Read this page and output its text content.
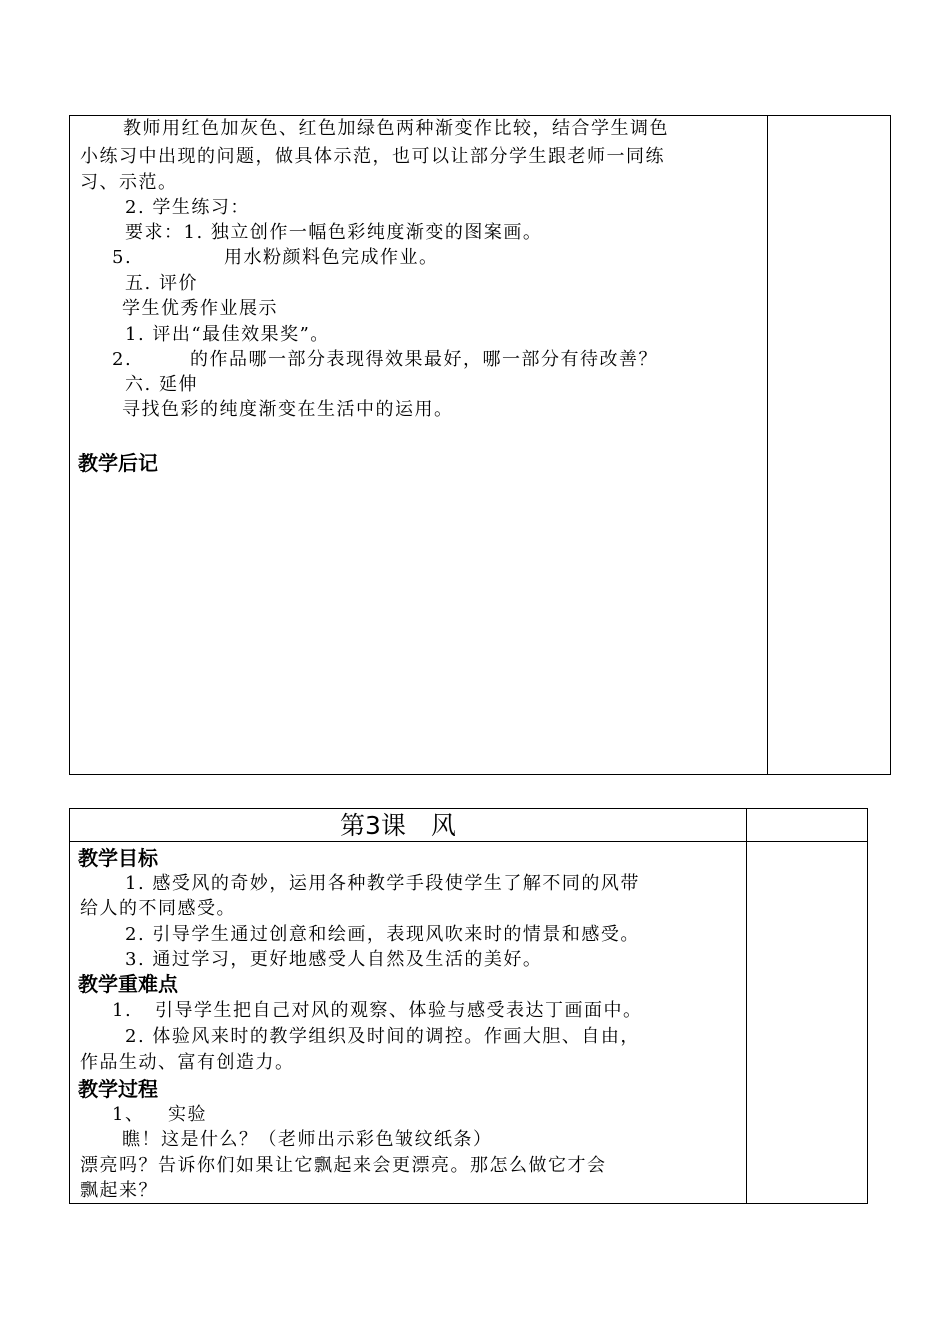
教师用红色加灰色、红色加绿色两种渐变作比较，结合学生调色
小练习中出现的问题，做具体示范，也可以让部分学生跟老师一同练
习、示范。
2. 学生练习：
要求：1. 独立创作一幅色彩纯度渐变的图案画。
5.	用水粉颜料色完成作业。
五. 评价
学生优秀作业展示
1. 评出“最佳效果奖”。
2.	的作品哪一部分表现得效果最好，哪一部分有待改善？
六. 延伸
寻找色彩的纯度渐变在生活中的运用。
教学后记
第3课　风
教学目标
1. 感受风的奇妙，运用各种教学手段使学生了解不同的风带
给人的不同感受。
2. 引导学生通过创意和绘画，表现风吹来时的情景和感受。
3. 通过学习，更好地感受人自然及生活的美好。
教学重难点
1. 引导学生把自己对风的观察、体验与感受表达丁画面中。
2. 体验风来时的教学组织及时间的调控。作画大胆、自由，
作品生动、富有创造力。
教学过程
1、 实验
瞧！这是什么？（老师出示彩色皱纹纸条）
漂亮吗？告诉你们如果让它飘起来会更漂亮。那怎么做它才会
飘起来？
